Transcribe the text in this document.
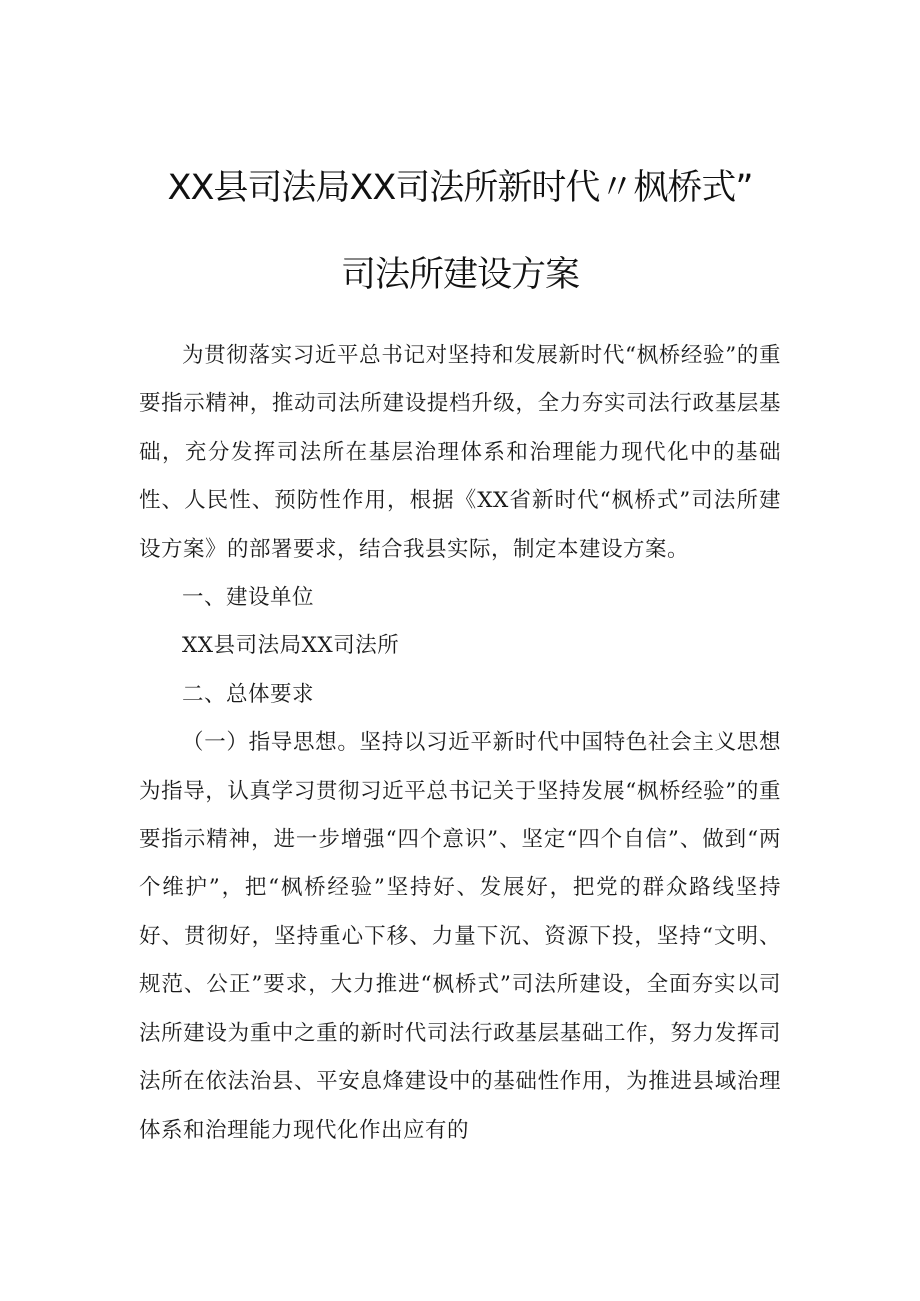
XX县司法局XX司法所新时代〃枫桥式”
司法所建设方案

为贯彻落实习近平总书记对坚持和发展新时代“枫桥经验”的重要指示精神，推动司法所建设提档升级，全力夯实司法行政基层基础，充分发挥司法所在基层治理体系和治理能力现代化中的基础性、人民性、预防性作用，根据《XX省新时代“枫桥式”司法所建设方案》的部署要求，结合我县实际，制定本建设方案。

一、建设单位

XX县司法局XX司法所

二、总体要求

（一）指导思想。坚持以习近平新时代中国特色社会主义思想为指导，认真学习贯彻习近平总书记关于坚持发展“枫桥经验”的重要指示精神，进一步增强“四个意识”、坚定“四个自信”、做到“两个维护”，把“枫桥经验”坚持好、发展好，把党的群众路线坚持好、贯彻好，坚持重心下移、力量下沉、资源下投，坚持“文明、规范、公正”要求，大力推进“枫桥式”司法所建设，全面夯实以司法所建设为重中之重的新时代司法行政基层基础工作，努力发挥司法所在依法治县、平安息烽建设中的基础性作用，为推进县域治理体系和治理能力现代化作出应有的
